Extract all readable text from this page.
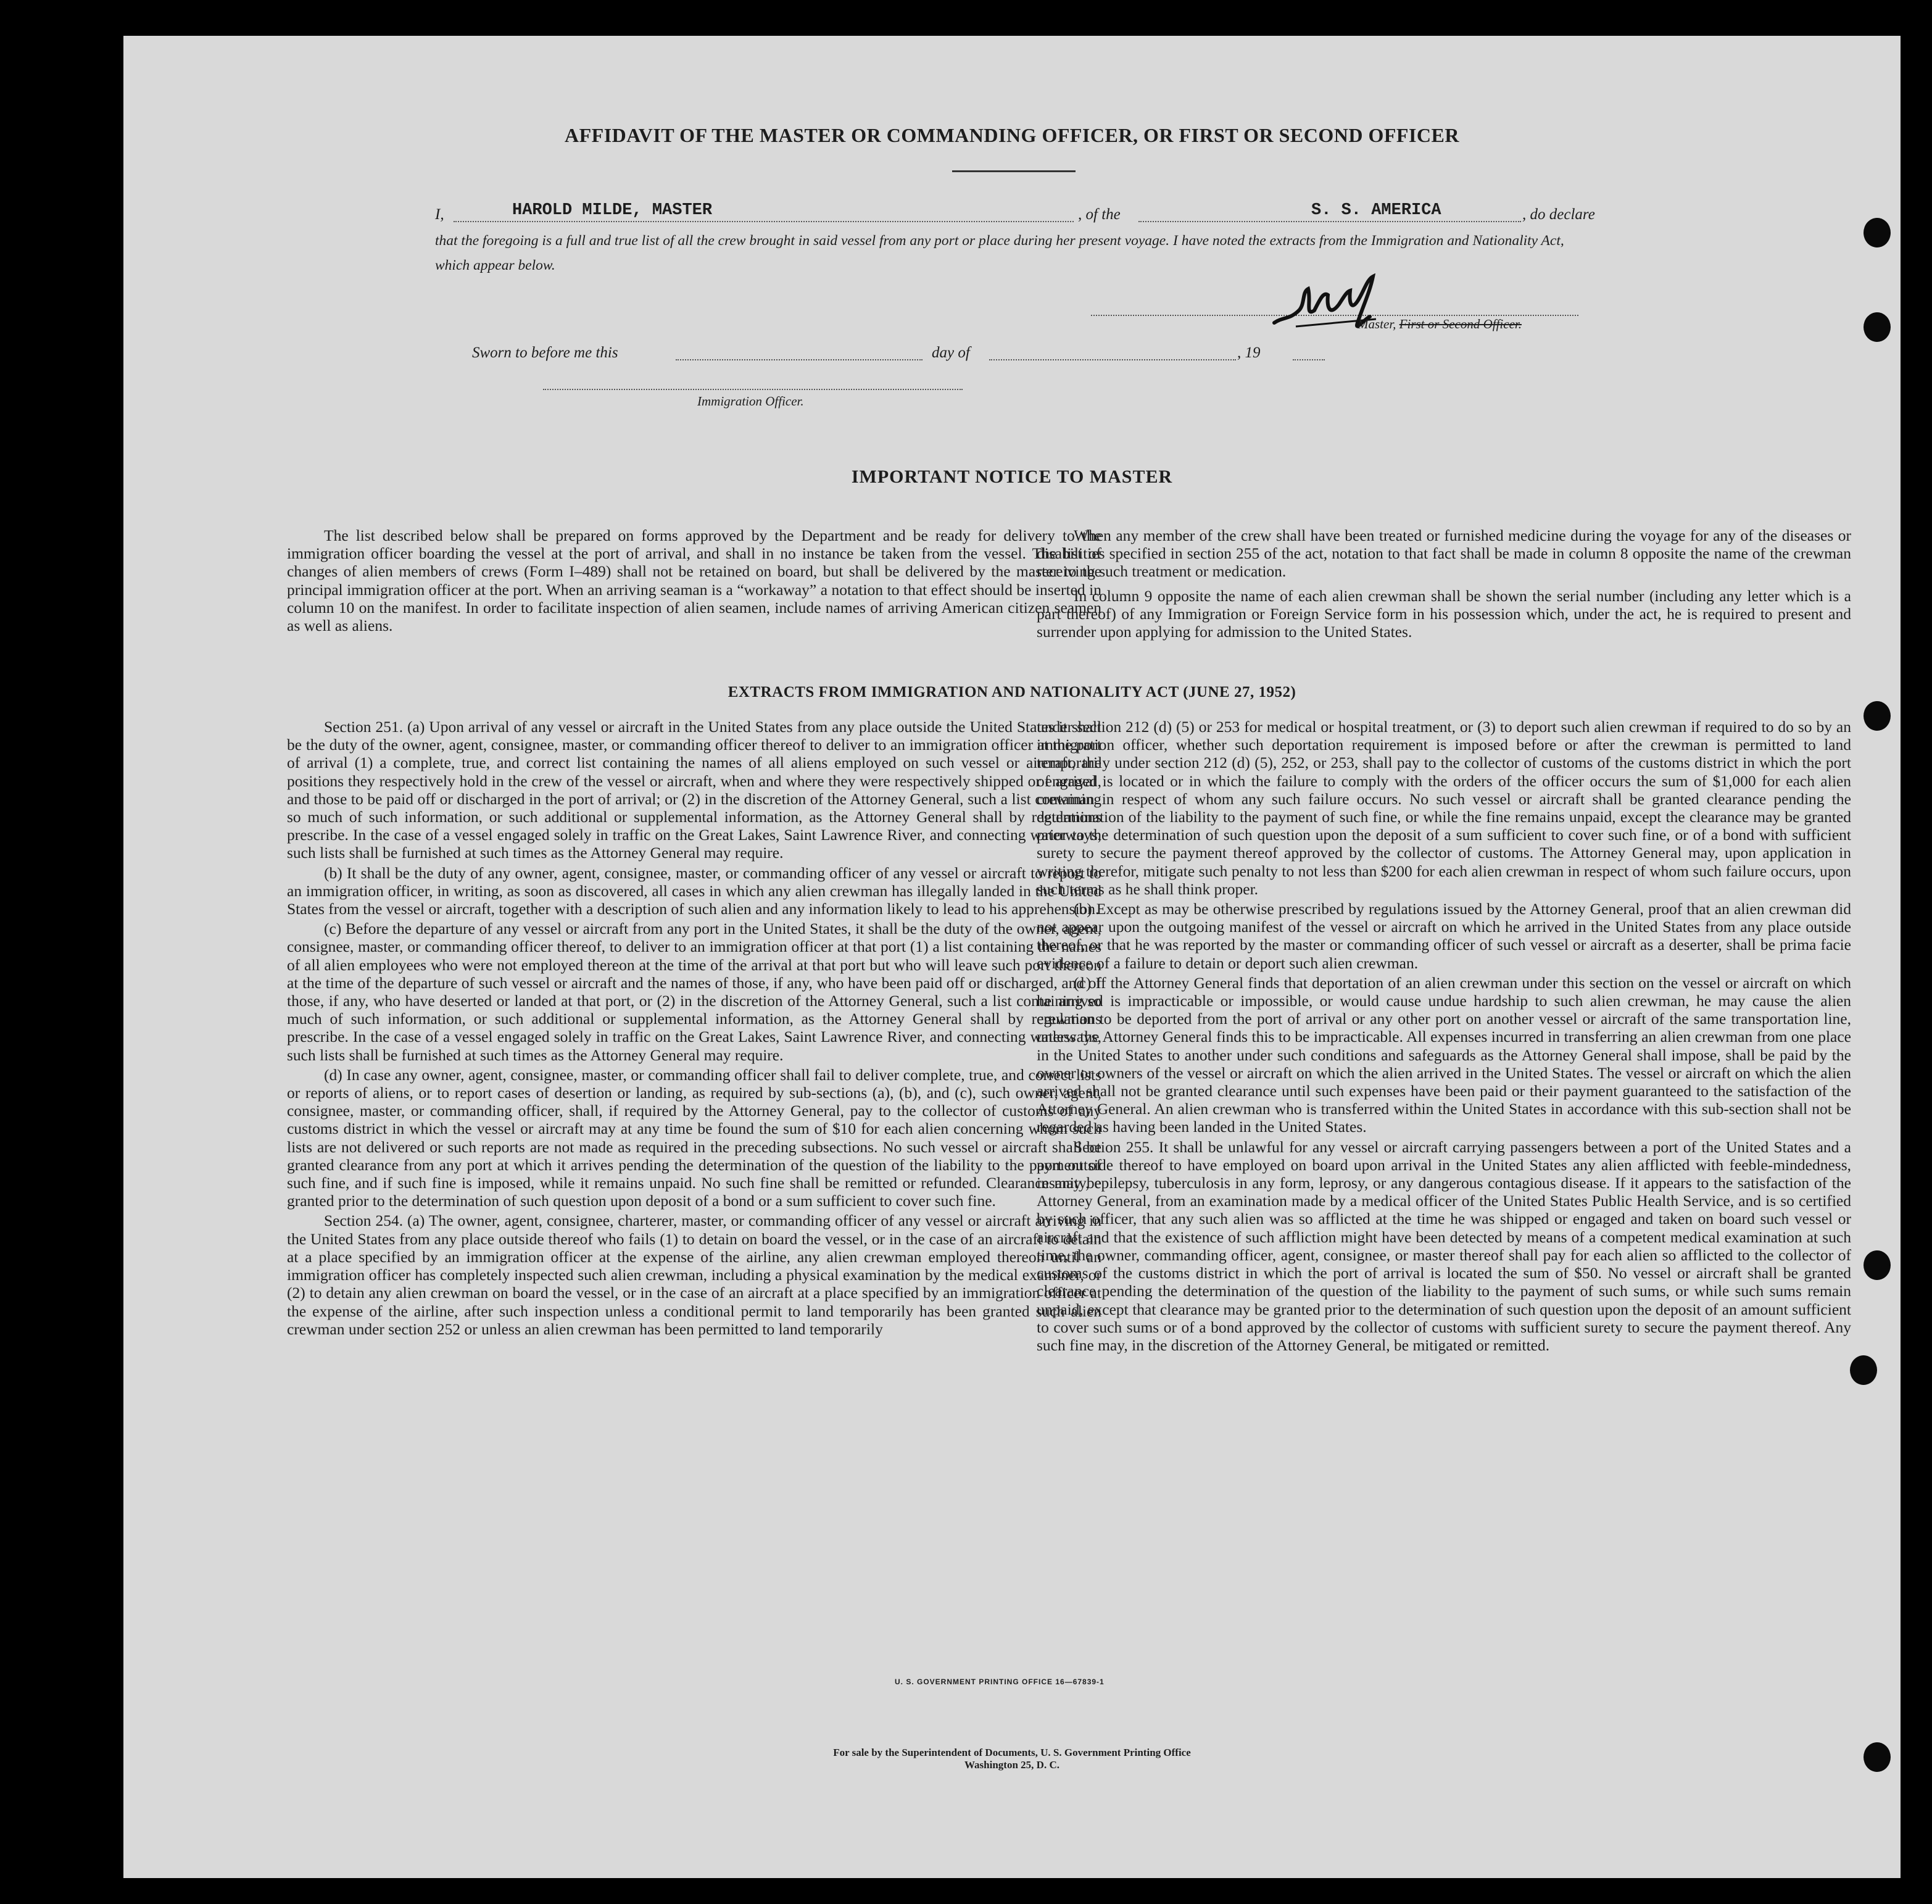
AFFIDAVIT OF THE MASTER OR COMMANDING OFFICER, OR FIRST OR SECOND OFFICER
I,	HAROLD MILDE, MASTER	, of the	S. S. AMERICA	, do declare
that the foregoing is a full and true list of all the crew brought in said vessel from any port or place during her present voyage. I have noted the extracts from the Immigration and Nationality Act, which appear below.
Master, First or Second Officer.
Sworn to before me this	day of	, 19
Immigration Officer.
IMPORTANT NOTICE TO MASTER

The list described below shall be prepared on forms approved by the Department and be ready for delivery to the immigration officer boarding the vessel at the port of arrival, and shall in no instance be taken from the vessel. The list of changes of alien members of crews (Form I–489) shall not be retained on board, but shall be delivered by the master to the principal immigration officer at the port. When an arriving seaman is a “workaway” a notation to that effect should be inserted in column 10 on the manifest. In order to facilitate inspection of alien seamen, include names of arriving American citizen seamen as well as aliens.

When any member of the crew shall have been treated or furnished medicine during the voyage for any of the diseases or disabilities specified in section 255 of the act, notation to that fact shall be made in column 8 opposite the name of the crewman receiving such treatment or medication.

In column 9 opposite the name of each alien crewman shall be shown the serial number (including any letter which is a part thereof) of any Immigration or Foreign Service form in his possession which, under the act, he is required to present and surrender upon applying for admission to the United States.

EXTRACTS FROM IMMIGRATION AND NATIONALITY ACT (JUNE 27, 1952)

Section 251. (a) Upon arrival of any vessel or aircraft in the United States from any place outside the United States it shall be the duty of the owner, agent, consignee, master, or commanding officer thereof to deliver to an immigration officer at the port of arrival (1) a complete, true, and correct list containing the names of all aliens employed on such vessel or aircraft, the positions they respectively hold in the crew of the vessel or aircraft, when and where they were respectively shipped or engaged, and those to be paid off or discharged in the port of arrival; or (2) in the discretion of the Attorney General, such a list containing so much of such information, or such additional or supplemental information, as the Attorney General shall by regulations prescribe. In the case of a vessel engaged solely in traffic on the Great Lakes, Saint Lawrence River, and connecting waterways, such lists shall be furnished at such times as the Attorney General may require.

(b) It shall be the duty of any owner, agent, consignee, master, or commanding officer of any vessel or aircraft to report to an immigration officer, in writing, as soon as discovered, all cases in which any alien crewman has illegally landed in the United States from the vessel or aircraft, together with a description of such alien and any information likely to lead to his apprehension.

(c) Before the departure of any vessel or aircraft from any port in the United States, it shall be the duty of the owner, agent, consignee, master, or commanding officer thereof, to deliver to an immigration officer at that port (1) a list containing the names of all alien employees who were not employed thereon at the time of the arrival at that port but who will leave such port thereon at the time of the departure of such vessel or aircraft and the names of those, if any, who have been paid off or discharged, and of those, if any, who have deserted or landed at that port, or (2) in the discretion of the Attorney General, such a list containing so much of such information, or such additional or supplemental information, as the Attorney General shall by regulations prescribe. In the case of a vessel engaged solely in traffic on the Great Lakes, Saint Lawrence River, and connecting waterways, such lists shall be furnished at such times as the Attorney General may require.

(d) In case any owner, agent, consignee, master, or commanding officer shall fail to deliver complete, true, and correct lists or reports of aliens, or to report cases of desertion or landing, as required by sub-sections (a), (b), and (c), such owner, agent, consignee, master, or commanding officer, shall, if required by the Attorney General, pay to the collector of customs of any customs district in which the vessel or aircraft may at any time be found the sum of $10 for each alien concerning whom such lists are not delivered or such reports are not made as required in the preceding subsections. No such vessel or aircraft shall be granted clearance from any port at which it arrives pending the determination of the question of the liability to the payment of such fine, and if such fine is imposed, while it remains unpaid. No such fine shall be remitted or refunded. Clearance may be granted prior to the determination of such question upon deposit of a bond or a sum sufficient to cover such fine.

Section 254. (a) The owner, agent, consignee, charterer, master, or commanding officer of any vessel or aircraft arriving in the United States from any place outside thereof who fails (1) to detain on board the vessel, or in the case of an aircraft to detain at a place specified by an immigration officer at the expense of the airline, any alien crewman employed thereon until an immigration officer has completely inspected such alien crewman, including a physical examination by the medical examiner, or (2) to detain any alien crewman on board the vessel, or in the case of an aircraft at a place specified by an immigration officer at the expense of the airline, after such inspection unless a conditional permit to land temporarily has been granted such alien crewman under section 252 or unless an alien crewman has been permitted to land temporarily

under section 212 (d) (5) or 253 for medical or hospital treatment, or (3) to deport such alien crewman if required to do so by an immigration officer, whether such deportation requirement is imposed before or after the crewman is permitted to land temporarily under section 212 (d) (5), 252, or 253, shall pay to the collector of customs of the customs district in which the port of arrival is located or in which the failure to comply with the orders of the officer occurs the sum of $1,000 for each alien crewman in respect of whom any such failure occurs. No such vessel or aircraft shall be granted clearance pending the determination of the liability to the payment of such fine, or while the fine remains unpaid, except the clearance may be granted prior to the determination of such question upon the deposit of a sum sufficient to cover such fine, or of a bond with sufficient surety to secure the payment thereof approved by the collector of customs. The Attorney General may, upon application in writing therefor, mitigate such penalty to not less than $200 for each alien crewman in respect of whom such failure occurs, upon such terms as he shall think proper.

(b) Except as may be otherwise prescribed by regulations issued by the Attorney General, proof that an alien crewman did not appear upon the outgoing manifest of the vessel or aircraft on which he arrived in the United States from any place outside thereof, or that he was reported by the master or commanding officer of such vessel or aircraft as a deserter, shall be prima facie evidence of a failure to detain or deport such alien crewman.

(c) If the Attorney General finds that deportation of an alien crewman under this section on the vessel or aircraft on which he arrived is impracticable or impossible, or would cause undue hardship to such alien crewman, he may cause the alien crewman to be deported from the port of arrival or any other port on another vessel or aircraft of the same transportation line, unless the Attorney General finds this to be impracticable. All expenses incurred in transferring an alien crewman from one place in the United States to another under such conditions and safeguards as the Attorney General shall impose, shall be paid by the owner or owners of the vessel or aircraft on which the alien arrived in the United States. The vessel or aircraft on which the alien arrived shall not be granted clearance until such expenses have been paid or their payment guaranteed to the satisfaction of the Attorney General. An alien crewman who is transferred within the United States in accordance with this sub-section shall not be regarded as having been landed in the United States.

Section 255. It shall be unlawful for any vessel or aircraft carrying passengers between a port of the United States and a port outside thereof to have employed on board upon arrival in the United States any alien afflicted with feeble-mindedness, insanity, epilepsy, tuberculosis in any form, leprosy, or any dangerous contagious disease. If it appears to the satisfaction of the Attorney General, from an examination made by a medical officer of the United States Public Health Service, and is so certified by such officer, that any such alien was so afflicted at the time he was shipped or engaged and taken on board such vessel or aircraft and that the existence of such affliction might have been detected by means of a competent medical examination at such time, the owner, commanding officer, agent, consignee, or master thereof shall pay for each alien so afflicted to the collector of customs of the customs district in which the port of arrival is located the sum of $50. No vessel or aircraft shall be granted clearance pending the determination of the question of the liability to the payment of such sums, or while such sums remain unpaid, except that clearance may be granted prior to the determination of such question upon the deposit of an amount sufficient to cover such sums or of a bond approved by the collector of customs with sufficient surety to secure the payment thereof. Any such fine may, in the discretion of the Attorney General, be mitigated or remitted.

U. S. GOVERNMENT PRINTING OFFICE 16—67839-1
For sale by the Superintendent of Documents, U. S. Government Printing Office
Washington 25, D. C.
